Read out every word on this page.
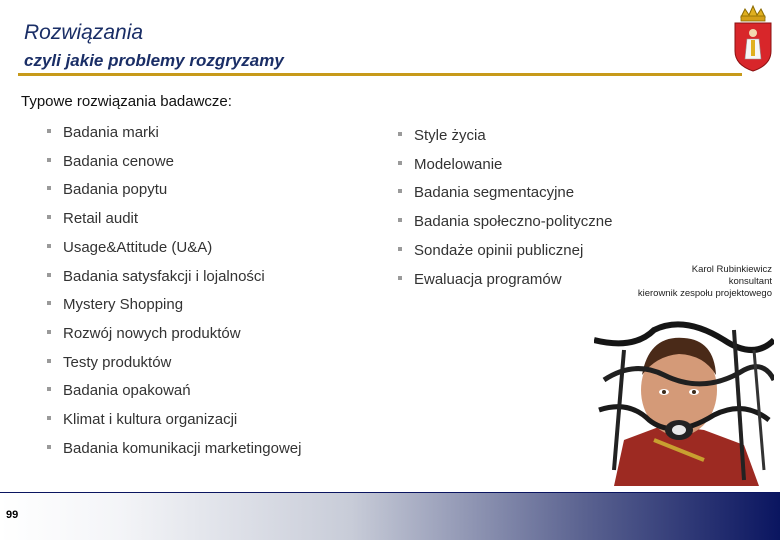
Rozwiązania
czyli jakie problemy rozgryzamy
Typowe rozwiązania badawcze:
Badania marki
Badania cenowe
Badania popytu
Retail audit
Usage&Attitude (U&A)
Badania satysfakcji i lojalności
Mystery Shopping
Rozwój nowych produktów
Testy produktów
Badania opakowań
Klimat i kultura organizacji
Badania komunikacji marketingowej
Style życia
Modelowanie
Badania segmentacyjne
Badania społeczno-polityczne
Sondaże opinii publicznej
Ewaluacja programów
Karol Rubinkiewicz
konsultant
kierownik zespołu projektowego
99
